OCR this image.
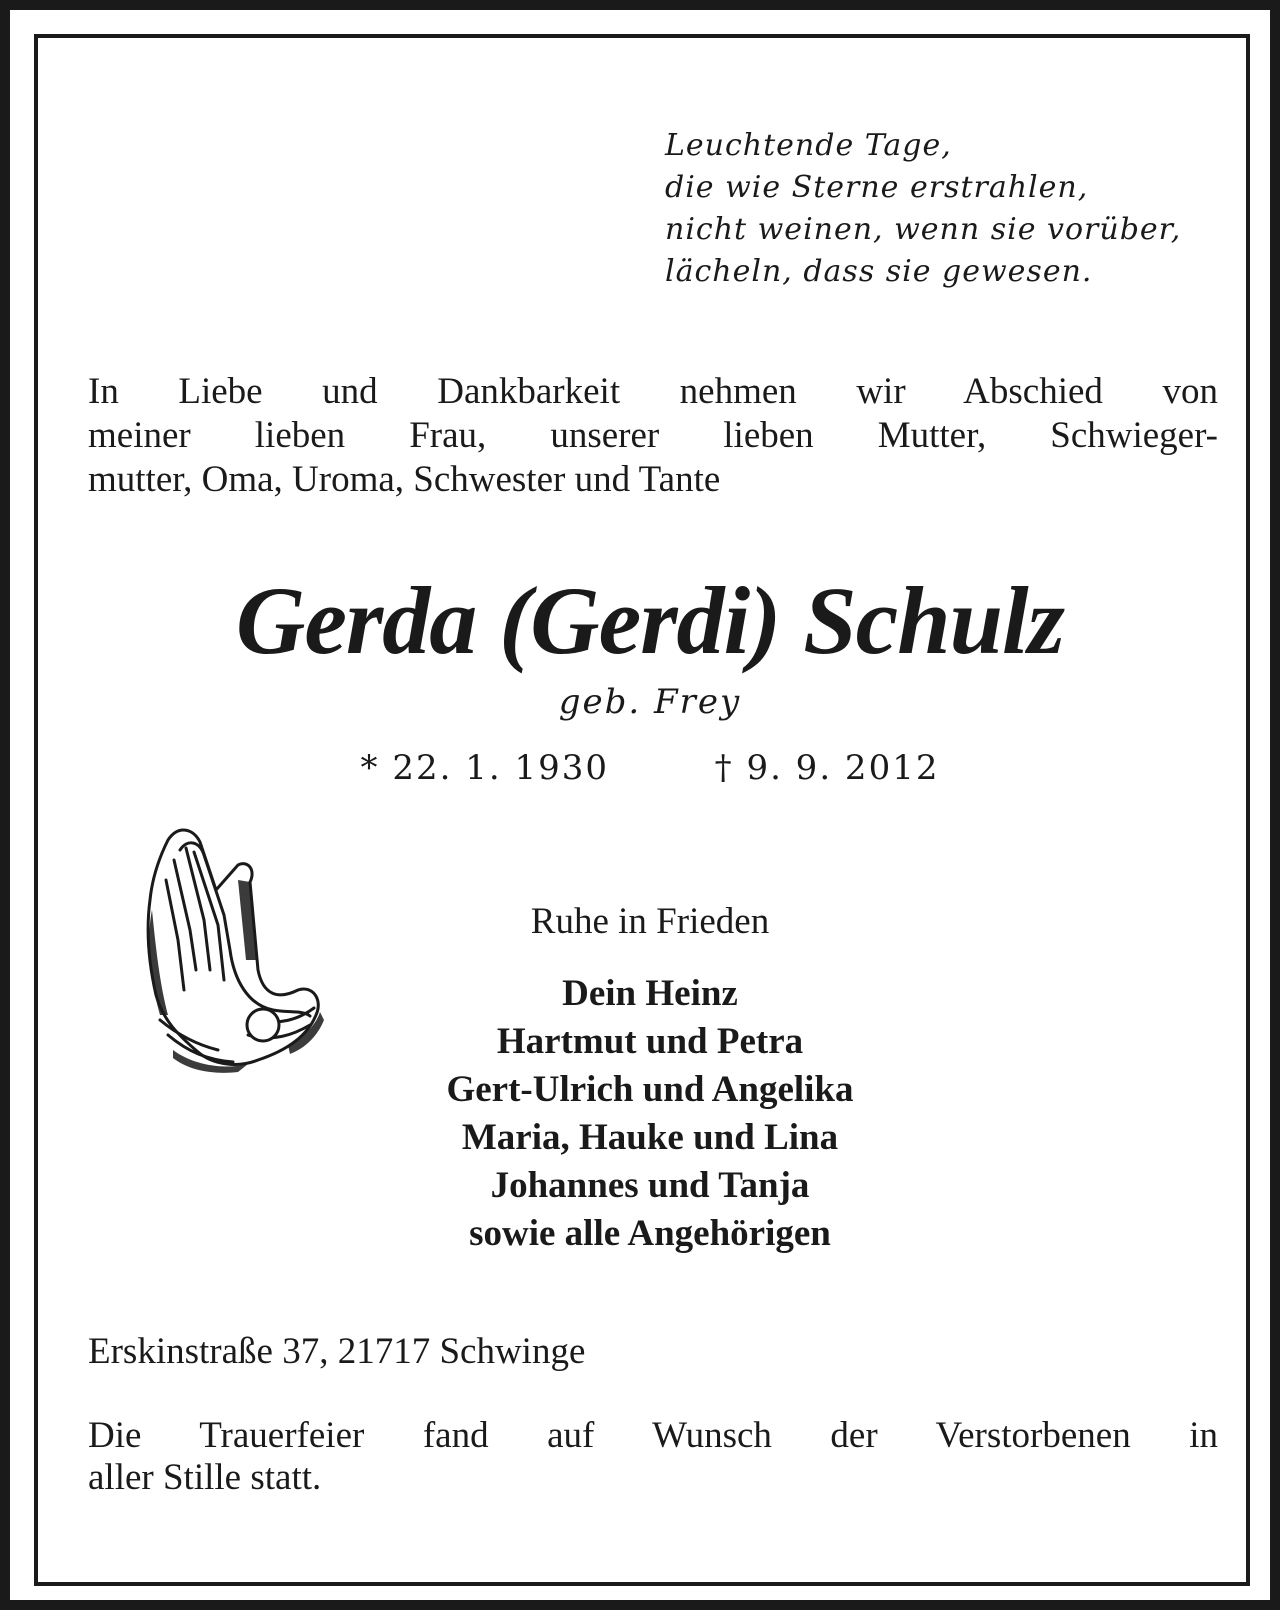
Leuchtende Tage,
die wie Sterne erstrahlen,
nicht weinen, wenn sie vorüber,
lächeln, dass sie gewesen.

In Liebe und Dankbarkeit nehmen wir Abschied von
meiner lieben Frau, unserer lieben Mutter, Schwieger-
mutter, Oma, Uroma, Schwester und Tante

Gerda (Gerdi) Schulz
geb. Frey
* 22. 1. 1930	† 9. 9. 2012
Ruhe in Frieden
Dein Heinz
Hartmut und Petra
Gert-Ulrich und Angelika
Maria, Hauke und Lina
Johannes und Tanja
sowie alle Angehörigen
Erskinstraße 37, 21717 Schwinge

Die Trauerfeier fand auf Wunsch der Verstorbenen in
aller Stille statt.
